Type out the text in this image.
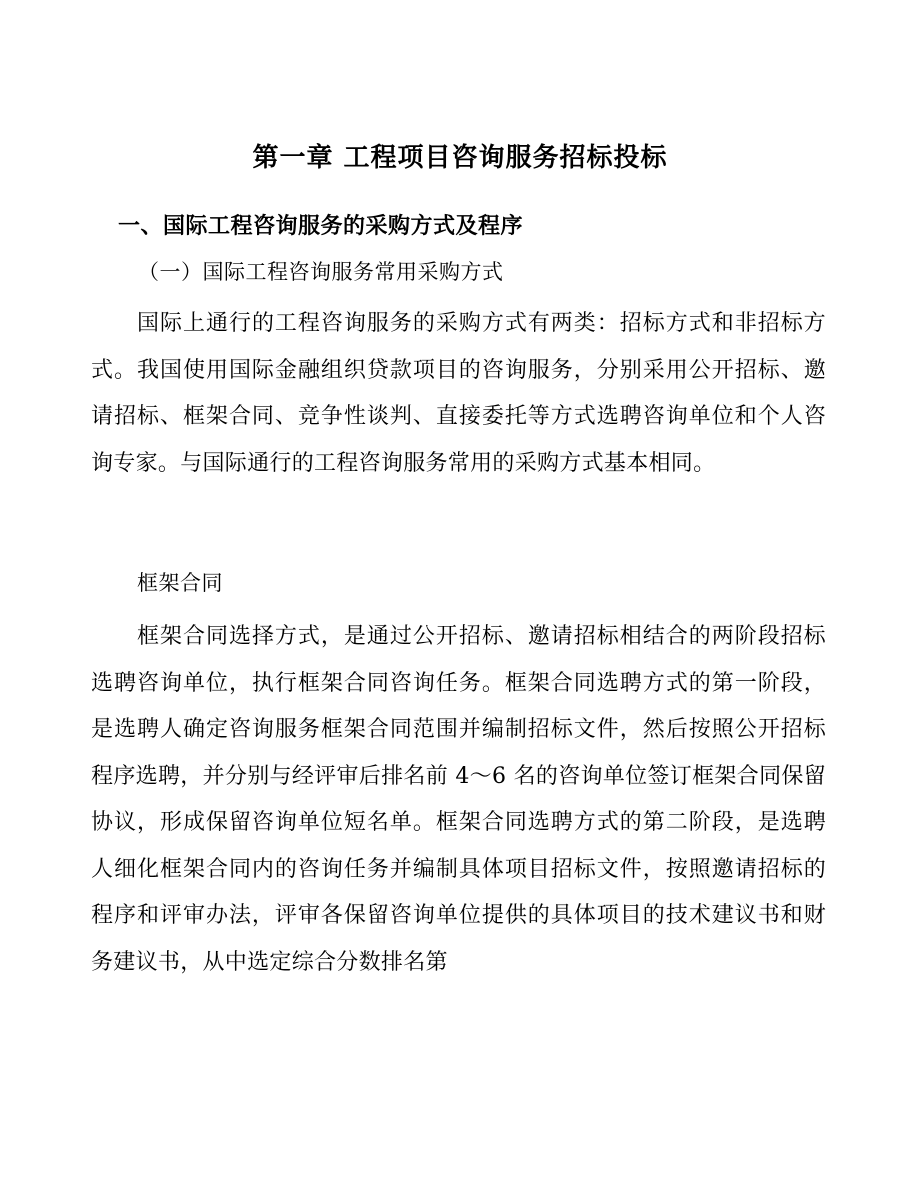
第一章 工程项目咨询服务招标投标
一、国际工程咨询服务的采购方式及程序
（一）国际工程咨询服务常用采购方式

国际上通行的工程咨询服务的采购方式有两类：招标方式和非招标方式。我国使用国际金融组织贷款项目的咨询服务，分别采用公开招标、邀请招标、框架合同、竞争性谈判、直接委托等方式选聘咨询单位和个人咨询专家。与国际通行的工程咨询服务常用的采购方式基本相同。

框架合同

框架合同选择方式，是通过公开招标、邀请招标相结合的两阶段招标选聘咨询单位，执行框架合同咨询任务。框架合同选聘方式的第一阶段，是选聘人确定咨询服务框架合同范围并编制招标文件，然后按照公开招标程序选聘，并分别与经评审后排名前 4～6 名的咨询单位签订框架合同保留协议，形成保留咨询单位短名单。框架合同选聘方式的第二阶段，是选聘人细化框架合同内的咨询任务并编制具体项目招标文件，按照邀请招标的程序和评审办法，评审各保留咨询单位提供的具体项目的技术建议书和财务建议书，从中选定综合分数排名第
